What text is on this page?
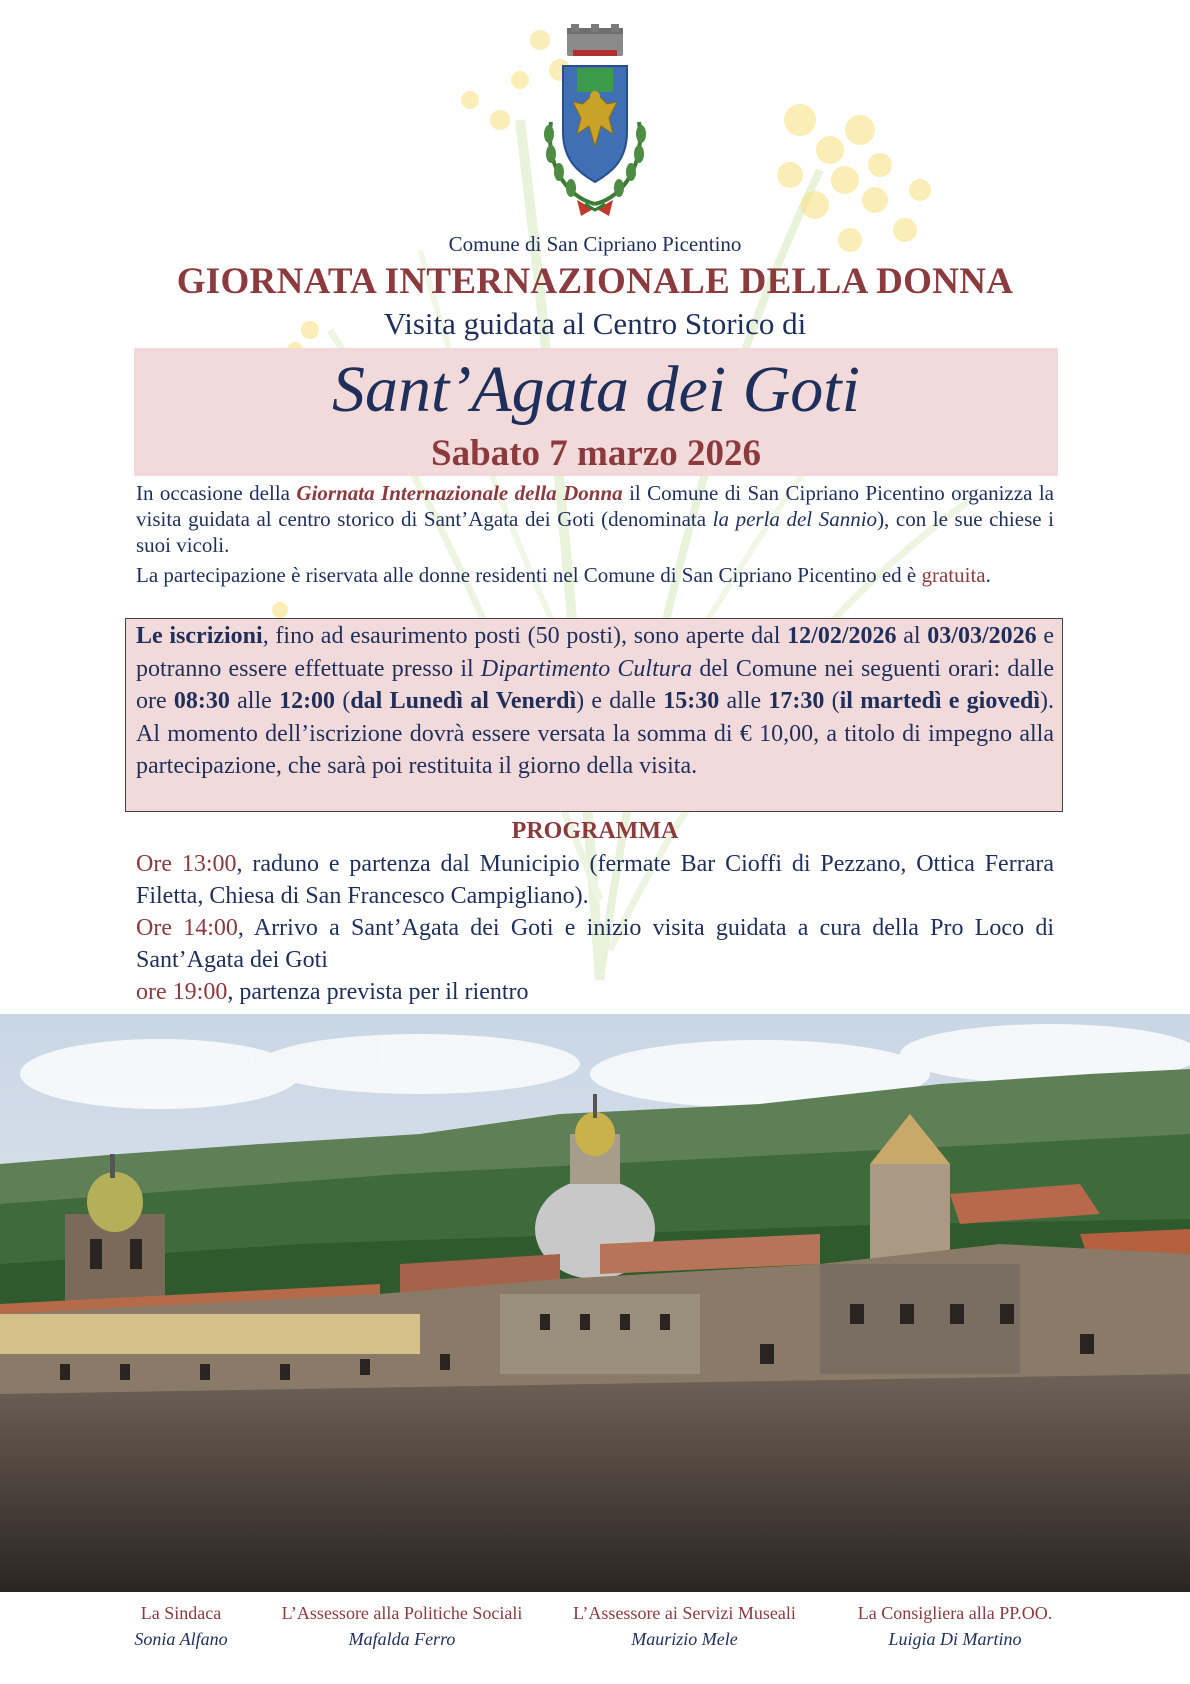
Comune di San Cipriano Picentino
GIORNATA INTERNAZIONALE DELLA DONNA
Visita guidata al Centro Storico di
Sant’Agata dei Goti
Sabato 7 marzo 2026
In occasione della Giornata Internazionale della Donna il Comune di San Cipriano Picentino organizza la visita guidata al centro storico di Sant’Agata dei Goti (denominata la perla del Sannio), con le sue chiese i suoi vicoli.
La partecipazione è riservata alle donne residenti nel Comune di San Cipriano Picentino ed è gratuita.
Le iscrizioni, fino ad esaurimento posti (50 posti), sono aperte dal 12/02/2026 al 03/03/2026 e potranno essere effettuate presso il Dipartimento Cultura del Comune nei seguenti orari: dalle ore 08:30 alle 12:00 (dal Lunedì al Venerdì) e dalle 15:30 alle 17:30 (il martedì e giovedì). Al momento dell’iscrizione dovrà essere versata la somma di € 10,00, a titolo di impegno alla partecipazione, che sarà poi restituita il giorno della visita.
PROGRAMMA
Ore 13:00, raduno e partenza dal Municipio (fermate Bar Cioffi di Pezzano, Ottica Ferrara Filetta, Chiesa di San Francesco Campigliano).
Ore 14:00, Arrivo a Sant’Agata dei Goti e inizio visita guidata a cura della Pro Loco di Sant’Agata dei Goti
ore 19:00, partenza prevista per il rientro
La Sindaca
Sonia Alfano
L’Assessore alla Politiche Sociali
Mafalda Ferro
L’Assessore ai Servizi Museali
Maurizio Mele
La Consigliera alla PP.OO.
Luigia Di Martino
